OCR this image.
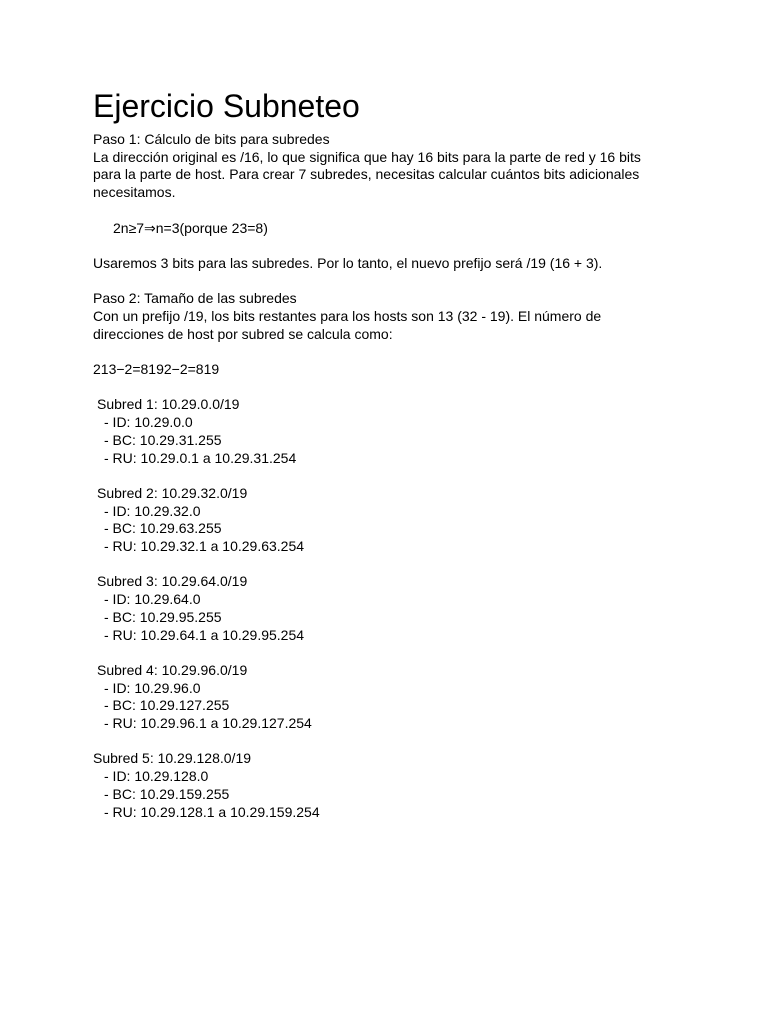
Ejercicio Subneteo
Paso 1: Cálculo de bits para subredes
La dirección original es /16, lo que significa que hay 16 bits para la parte de red y 16 bits para la parte de host. Para crear 7 subredes, necesitas calcular cuántos bits adicionales necesitamos.
2n≥7⇒n=3(porque 23=8)
Usaremos 3 bits para las subredes. Por lo tanto, el nuevo prefijo será /19 (16 + 3).
Paso 2: Tamaño de las subredes
Con un prefijo /19, los bits restantes para los hosts son 13 (32 - 19). El número de direcciones de host por subred se calcula como:
213−2=8192−2=819
Subred 1: 10.29.0.0/19
- ID: 10.29.0.0
- BC: 10.29.31.255
- RU: 10.29.0.1 a 10.29.31.254
Subred 2: 10.29.32.0/19
- ID: 10.29.32.0
- BC: 10.29.63.255
- RU: 10.29.32.1 a 10.29.63.254
Subred 3: 10.29.64.0/19
- ID: 10.29.64.0
- BC: 10.29.95.255
- RU: 10.29.64.1 a 10.29.95.254
Subred 4: 10.29.96.0/19
- ID: 10.29.96.0
- BC: 10.29.127.255
- RU: 10.29.96.1 a 10.29.127.254
Subred 5: 10.29.128.0/19
- ID: 10.29.128.0
- BC: 10.29.159.255
- RU: 10.29.128.1 a 10.29.159.254
